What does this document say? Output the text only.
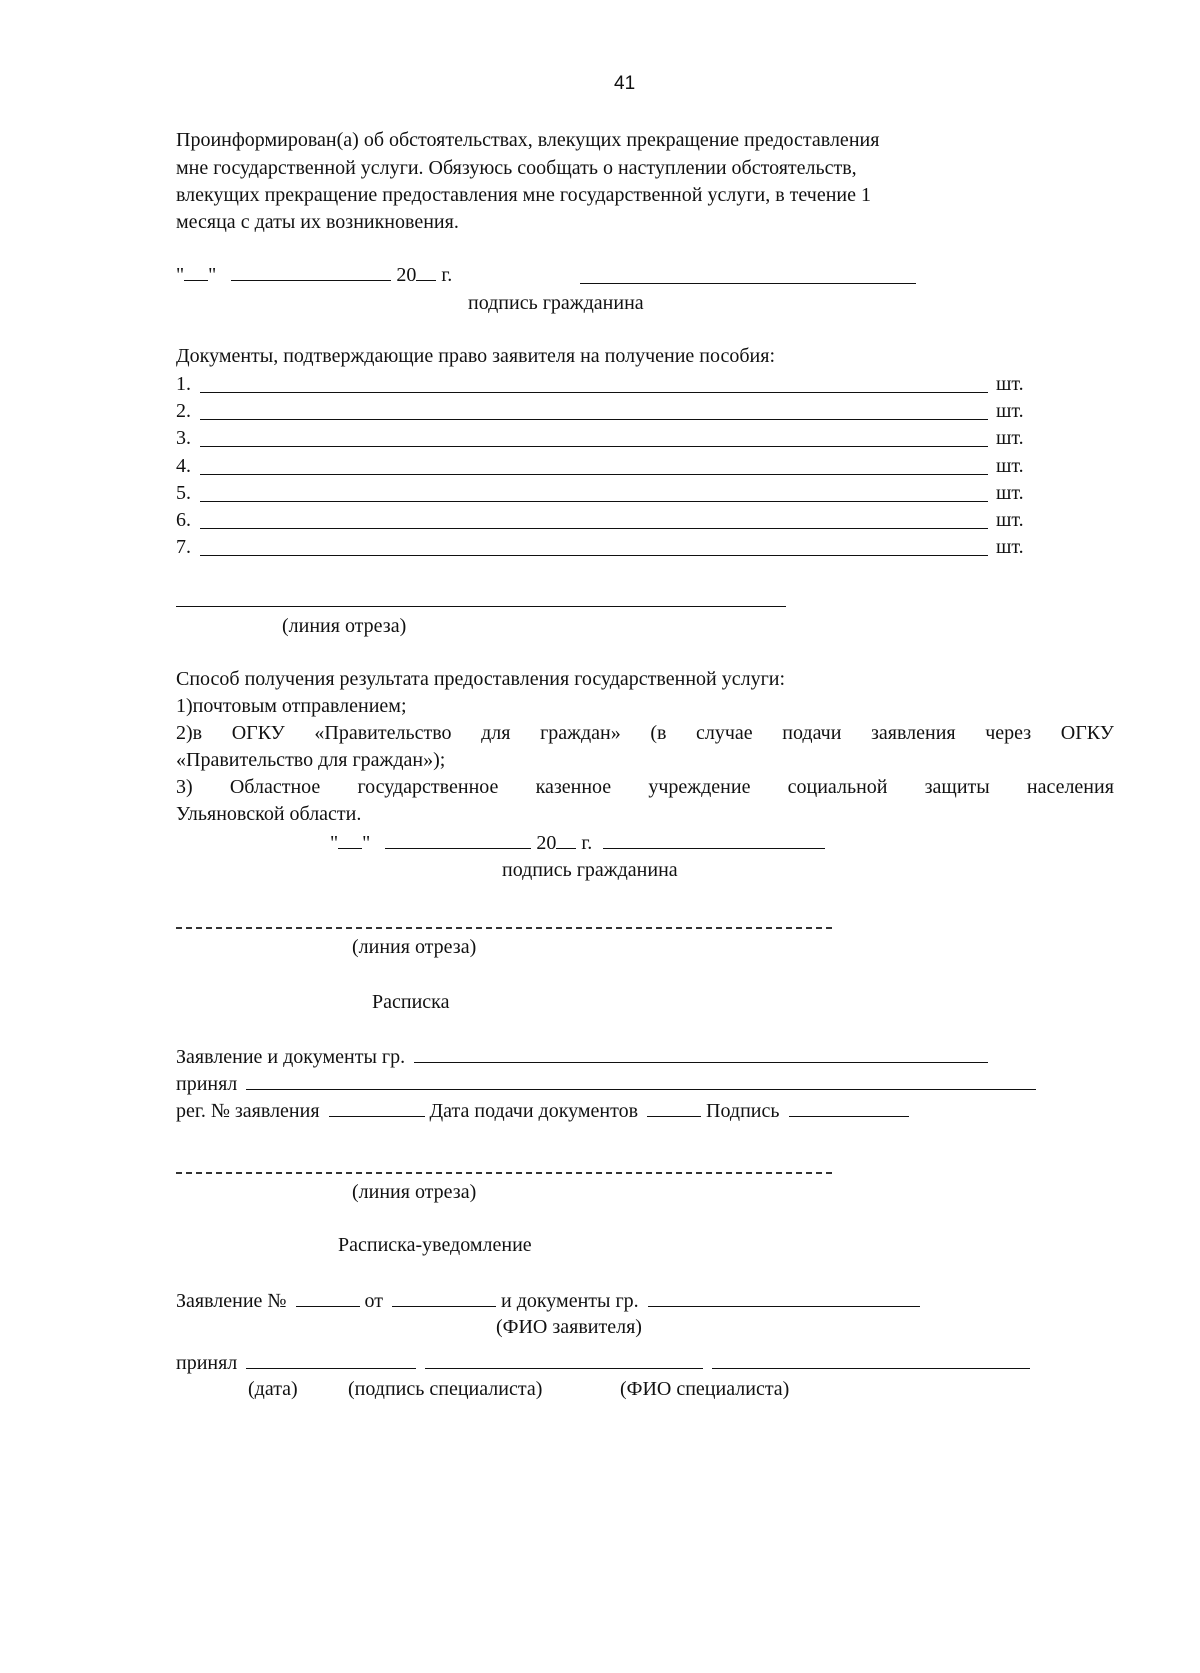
41
Проинформирован(а) об обстоятельствах, влекущих прекращение предоставления
мне государственной услуги. Обязуюсь сообщать о наступлении обстоятельств,
влекущих прекращение предоставления мне государственной услуги, в течение 1
месяца с даты их возникновения.
" "	20 г.
подпись гражданина
Документы, подтверждающие право заявителя на получение пособия:
1.	шт.
2.	шт.
3.	шт.
4.	шт.
5.	шт.
6.	шт.
7.	шт.
(линия отреза)
Способ получения результата предоставления государственной услуги:
1)почтовым отправлением;
2)в ОГКУ «Правительство для граждан» (в случае подачи заявления через ОГКУ
«Правительство для граждан»);
3) Областное государственное казенное учреждение социальной защиты населения
Ульяновской области.
" "	20 г.
подпись гражданина
(линия отреза)
Расписка
Заявление и документы гр.
принял
рег. № заявления	Дата подачи документов	Подпись
(линия отреза)
Расписка-уведомление
Заявление №	от	и документы гр.
(ФИО заявителя)
принял
(дата)	(подпись специалиста)	(ФИО специалиста)
